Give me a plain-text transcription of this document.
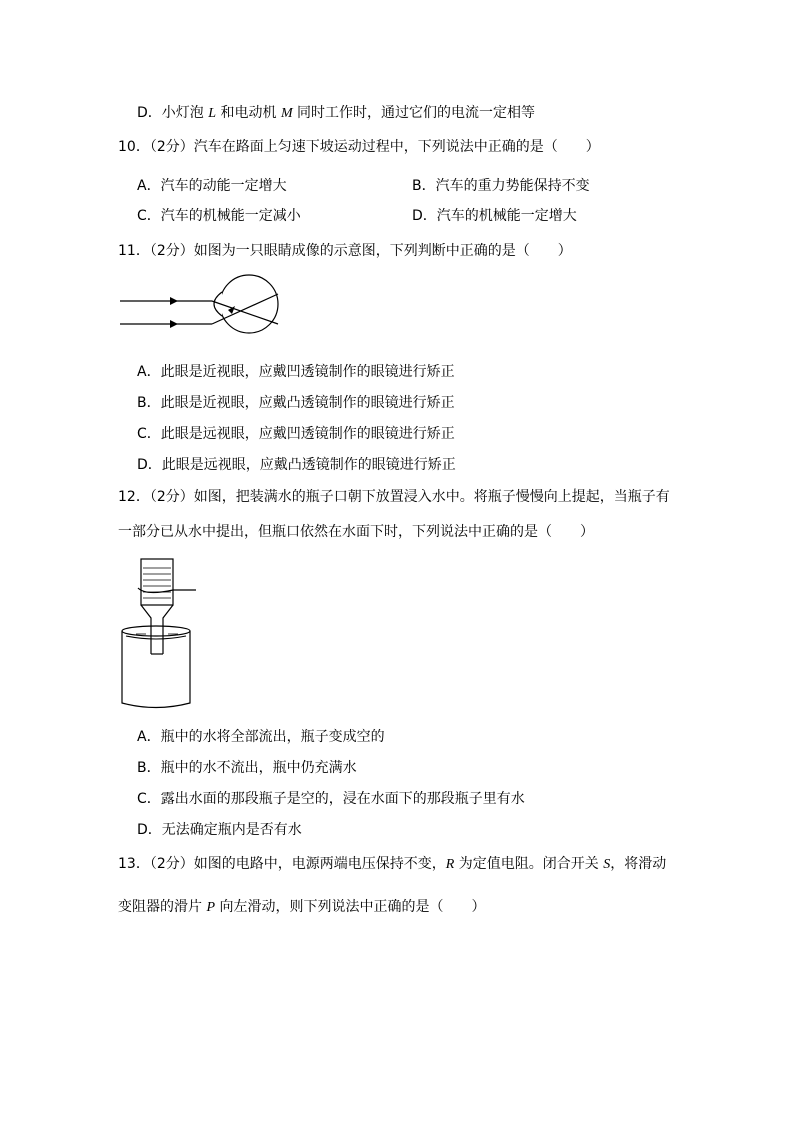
D．小灯泡 L 和电动机 M 同时工作时，通过它们的电流一定相等
10．（2分）汽车在路面上匀速下坡运动过程中，下列说法中正确的是（　　）
A．汽车的动能一定增大	B．汽车的重力势能保持不变
C．汽车的机械能一定减小	D．汽车的机械能一定增大
11．（2分）如图为一只眼睛成像的示意图，下列判断中正确的是（　　）
A．此眼是近视眼，应戴凹透镜制作的眼镜进行矫正
B．此眼是近视眼，应戴凸透镜制作的眼镜进行矫正
C．此眼是远视眼，应戴凹透镜制作的眼镜进行矫正
D．此眼是远视眼，应戴凸透镜制作的眼镜进行矫正
12．（2分）如图，把装满水的瓶子口朝下放置浸入水中。将瓶子慢慢向上提起，当瓶子有
一部分已从水中提出，但瓶口依然在水面下时，下列说法中正确的是（　　）
A．瓶中的水将全部流出，瓶子变成空的
B．瓶中的水不流出，瓶中仍充满水
C．露出水面的那段瓶子是空的，浸在水面下的那段瓶子里有水
D．无法确定瓶内是否有水
13．（2分）如图的电路中，电源两端电压保持不变，R 为定值电阻。闭合开关 S，将滑动
变阻器的滑片 P 向左滑动，则下列说法中正确的是（　　）
